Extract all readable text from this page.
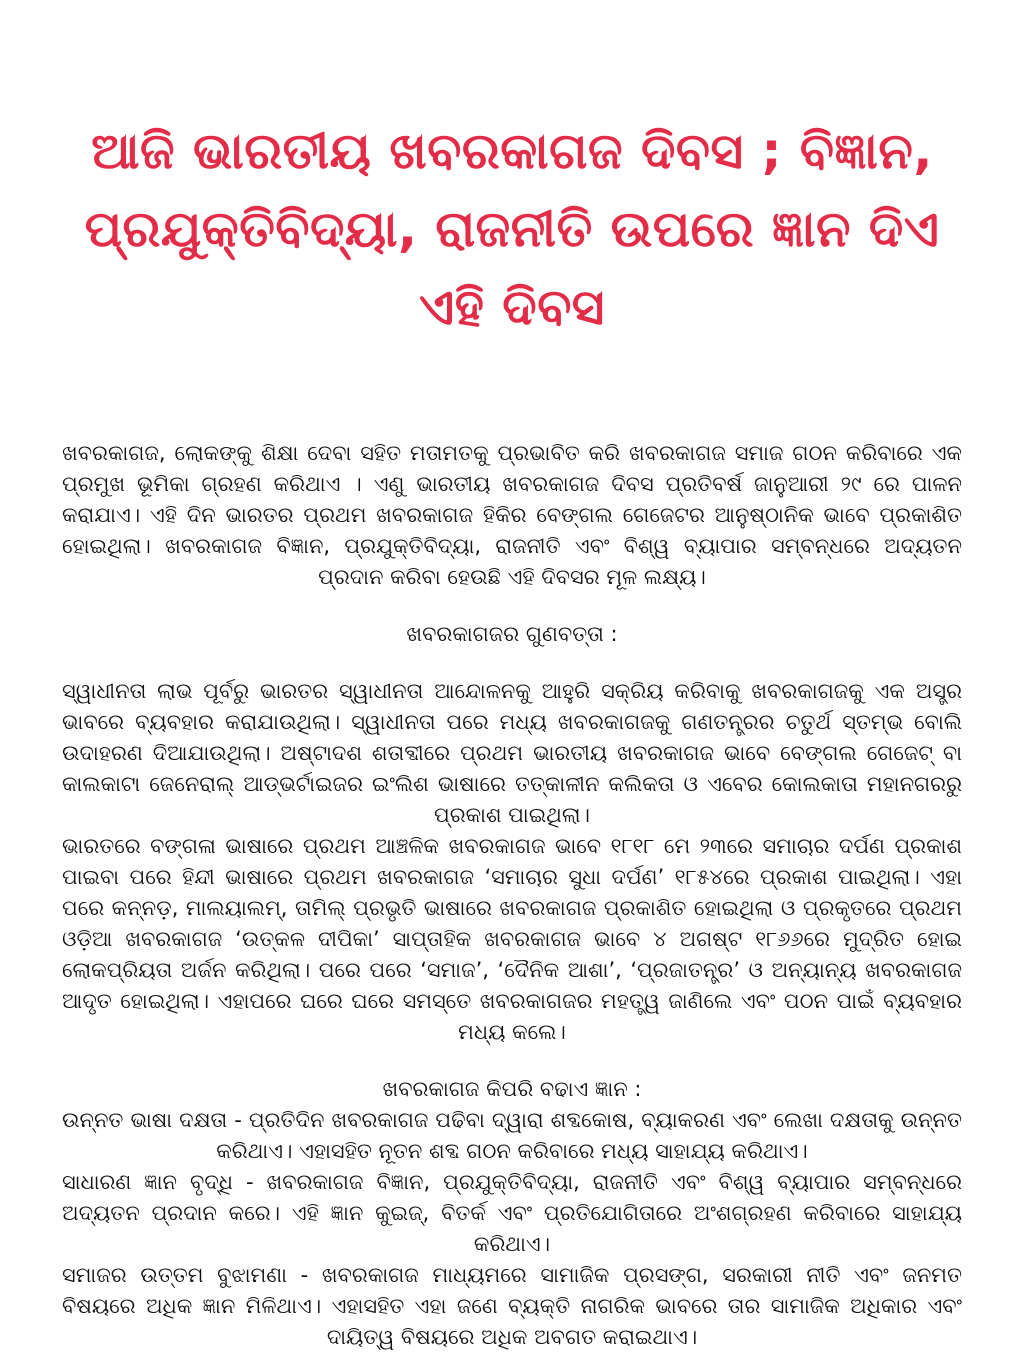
ଆଜି ଭାରତୀୟ ଖବରକାଗଜ ଦିବସ ; ବିଜ୍ଞାନ, ପ୍ରଯୁକ୍ତିବିଦ୍ୟା, ରାଜନୀତି ଉପରେ ଜ୍ଞାନ ଦିଏ ଏହି ଦିବସ

ଖବରକାଗଜ, ଲୋକଙ୍କୁ ଶିକ୍ଷା ଦେବା ସହିତ ମତାମତକୁ ପ୍ରଭାବିତ କରି ଖବରକାଗଜ ସମାଜ ଗଠନ କରିବାରେ ଏକ ପ୍ରମୁଖ ଭୂମିକା ଗ୍ରହଣ କରିଥାଏ । ଏଣୁ ଭାରତୀୟ ଖବରକାଗଜ ଦିବସ ପ୍ରତିବର୍ଷ ଜାନୁଆରୀ ୨୯ ରେ ପାଳନ କରାଯାଏ। ଏହି ଦିନ ଭାରତର ପ୍ରଥମ ଖବରକାଗଜ ହିକିର ବେଙ୍ଗଲ ଗେଜେଟର ଆନୁଷ୍ଠାନିକ ଭାବେ ପ୍ରକାଶିତ ହୋଇଥିଲା। ଖବରକାଗଜ ବିଜ୍ଞାନ, ପ୍ରଯୁକ୍ତିବିଦ୍ୟା, ରାଜନୀତି ଏବଂ ବିଶ୍ୱ ବ୍ୟାପାର ସମ୍ବନ୍ଧରେ ଅଦ୍ୟତନ ପ୍ରଦାନ କରିବା ହେଉଛି ଏହି ଦିବସର ମୂଳ ଲକ୍ଷ୍ୟ।

ଖବରକାଗଜର ଗୁଣବତ୍ତା :

ସ୍ୱାଧୀନତା ଲାଭ ପୂର୍ବରୁ ଭାରତର ସ୍ୱାଧୀନତା ଆନ୍ଦୋଳନକୁ ଆହୁରି ସକ୍ରିୟ କରିବାକୁ ଖବରକାଗଜକୁ ଏକ ଅସ୍ତ୍ର ଭାବରେ ବ୍ୟବହାର କରାଯାଉଥିଲା। ସ୍ୱାଧୀନତା ପରେ ମଧ୍ୟ ଖବରକାଗଜକୁ ଗଣତନ୍ତ୍ରର ଚତୁର୍ଥ ସ୍ତମ୍ଭ ବୋଲି ଉଦାହରଣ ଦିଆଯାଉଥିଲା। ଅଷ୍ଟାଦଶ ଶତାବ୍ଦୀରେ ପ୍ରଥମ ଭାରତୀୟ ଖବରକାଗଜ ଭାବେ ବେଙ୍ଗଲ ଗେଜେଟ୍ ବା କାଲକାଟା ଜେନେରାଲ୍ ଆଡ୍‌ଭର୍ଟାଇଜର ଇଂଲିଶ ଭାଷାରେ ତତ୍କାଳୀନ କଲିକତା ଓ ଏବେର କୋଲକାତା ମହାନଗରରୁ ପ୍ରକାଶ ପାଇଥିଲା।

ଭାରତରେ ବଙ୍ଗଳା ଭାଷାରେ ପ୍ରଥମ ଆଞ୍ଚଳିକ ଖବରକାଗଜ ଭାବେ ୧୮୧୮ ମେ ୨୩ରେ ସମାଚାର ଦର୍ପଣ ପ୍ରକାଶ ପାଇବା ପରେ ହିନ୍ଦୀ ଭାଷାରେ ପ୍ରଥମ ଖବରକାଗଜ ‘ସମାଚାର ସୁଧା ଦର୍ପଣ’ ୧୮୫୪ରେ ପ୍ରକାଶ ପାଇଥିଲା। ଏହା ପରେ କନ୍ନଡ଼, ମାଲୟାଲମ୍, ତାମିଲ୍ ପ୍ରଭୃତି ଭାଷାରେ ଖବରକାଗଜ ପ୍ରକାଶିତ ହୋଇଥିଲା ଓ ପ୍ରକୃତରେ ପ୍ରଥମ ଓଡ଼ିଆ ଖବରକାଗଜ ‘ଉତ୍କଳ ଦୀପିକା’ ସାପ୍ତାହିକ ଖବରକାଗଜ ଭାବେ ୪ ଅଗଷ୍ଟ ୧୮୬୬ରେ ମୁଦ୍ରିତ ହୋଇ ଲୋକପ୍ରିୟତା ଅର୍ଜନ କରିଥିଲା। ପରେ ପରେ ‘ସମାଜ’, ‘ଦୈନିକ ଆଶା’, ‘ପ୍ରଜାତନ୍ତ୍ର’ ଓ ଅନ୍ୟାନ୍ୟ ଖବରକାଗଜ ଆଦୃତ ହୋଇଥିଲା। ଏହାପରେ ଘରେ ଘରେ ସମସ୍ତେ ଖବରକାଗଜର ମହତ୍ତ୍ୱ ଜାଣିଲେ ଏବଂ ପଠନ ପାଇଁ ବ୍ୟବହାର ମଧ୍ୟ କଲେ।

ଖବରକାଗଜ କିପରି ବଢାଏ ଜ୍ଞାନ :

ଉନ୍ନତ ଭାଷା ଦକ୍ଷତା - ପ୍ରତିଦିନ ଖବରକାଗଜ ପଢିବା ଦ୍ୱାରା ଶବ୍ଦକୋଷ, ବ୍ୟାକରଣ ଏବଂ ଲେଖା ଦକ୍ଷତାକୁ ଉନ୍ନତ କରିଥାଏ। ଏହାସହିତ ନୂତନ ଶବ୍ଦ ଗଠନ କରିବାରେ ମଧ୍ୟ ସାହାଯ୍ୟ କରିଥାଏ।

ସାଧାରଣ ଜ୍ଞାନ ବୃଦ୍ଧି - ଖବରକାଗଜ ବିଜ୍ଞାନ, ପ୍ରଯୁକ୍ତିବିଦ୍ୟା, ରାଜନୀତି ଏବଂ ବିଶ୍ୱ ବ୍ୟାପାର ସମ୍ବନ୍ଧରେ ଅଦ୍ୟତନ ପ୍ରଦାନ କରେ। ଏହି ଜ୍ଞାନ କୁଇଜ୍, ବିତର୍କ ଏବଂ ପ୍ରତିଯୋଗିତାରେ ଅଂଶଗ୍ରହଣ କରିବାରେ ସାହାଯ୍ୟ କରିଥାଏ।

ସମାଜର ଉତ୍ତମ ବୁଝାମଣା - ଖବରକାଗଜ ମାଧ୍ୟମରେ ସାମାଜିକ ପ୍ରସଙ୍ଗ, ସରକାରୀ ନୀତି ଏବଂ ଜନମତ ବିଷୟରେ ଅଧିକ ଜ୍ଞାନ ମିଳିଥାଏ। ଏହାସହିତ ଏହା ଜଣେ ବ୍ୟକ୍ତି ନାଗରିକ ଭାବରେ ତାର ସାମାଜିକ ଅଧିକାର ଏବଂ ଦାୟିତ୍ୱ ବିଷୟରେ ଅଧିକ ଅବଗତ କରାଇଥାଏ।
